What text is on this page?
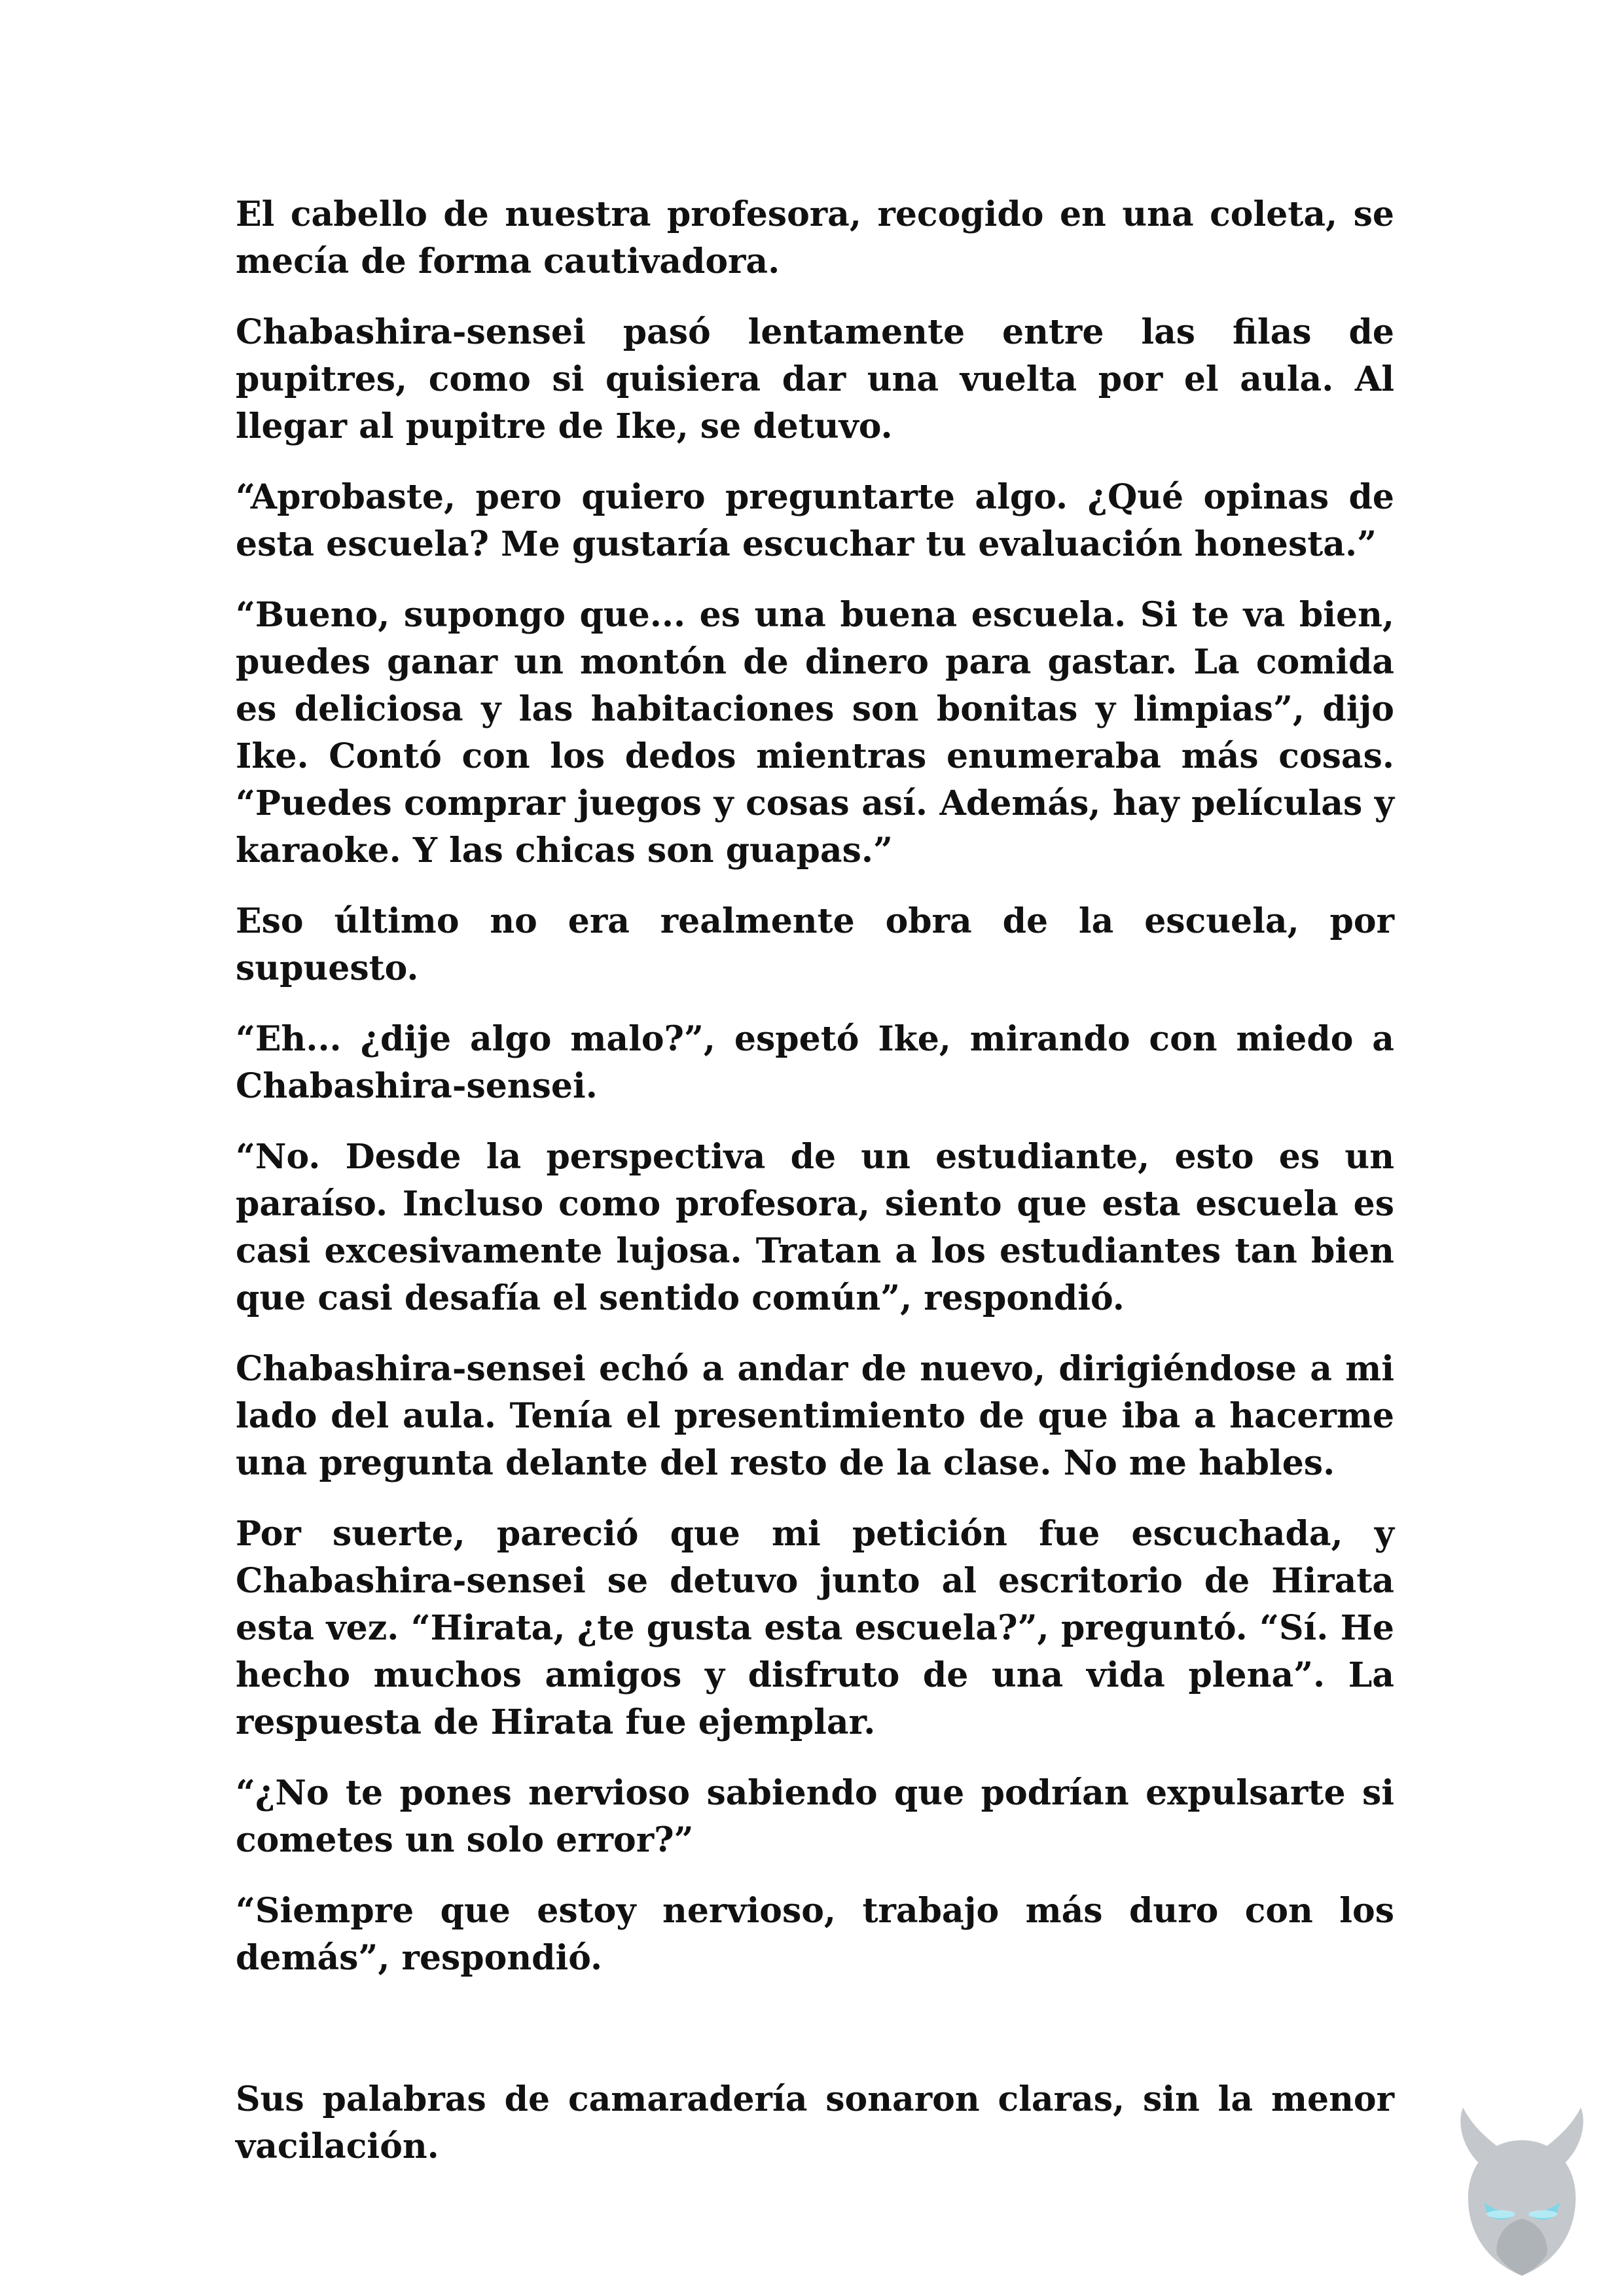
El cabello de nuestra profesora, recogido en una coleta, se mecía de forma cautivadora.

Chabashira-sensei pasó lentamente entre las filas de pupitres, como si quisiera dar una vuelta por el aula. Al llegar al pupitre de Ike, se detuvo.

“Aprobaste, pero quiero preguntarte algo. ¿Qué opinas de esta escuela? Me gustaría escuchar tu evaluación honesta.”

“Bueno, supongo que... es una buena escuela. Si te va bien, puedes ganar un montón de dinero para gastar. La comida es deliciosa y las habitaciones son bonitas y limpias”, dijo Ike. Contó con los dedos mientras enumeraba más cosas. “Puedes comprar juegos y cosas así. Además, hay películas y karaoke. Y las chicas son guapas.”

Eso último no era realmente obra de la escuela, por supuesto.

“Eh... ¿dije algo malo?”, espetó Ike, mirando con miedo a Chabashira-sensei.

“No. Desde la perspectiva de un estudiante, esto es un paraíso. Incluso como profesora, siento que esta escuela es casi excesivamente lujosa. Tratan a los estudiantes tan bien que casi desafía el sentido común”, respondió.

Chabashira-sensei echó a andar de nuevo, dirigiéndose a mi lado del aula. Tenía el presentimiento de que iba a hacerme una pregunta delante del resto de la clase. No me hables.

Por suerte, pareció que mi petición fue escuchada, y Chabashira-sensei se detuvo junto al escritorio de Hirata esta vez. “Hirata, ¿te gusta esta escuela?”, preguntó. “Sí. He hecho muchos amigos y disfruto de una vida plena”. La respuesta de Hirata fue ejemplar.

“¿No te pones nervioso sabiendo que podrían expulsarte si cometes un solo error?”

“Siempre que estoy nervioso, trabajo más duro con los demás”, respondió.

Sus palabras de camaradería sonaron claras, sin la menor vacilación.
